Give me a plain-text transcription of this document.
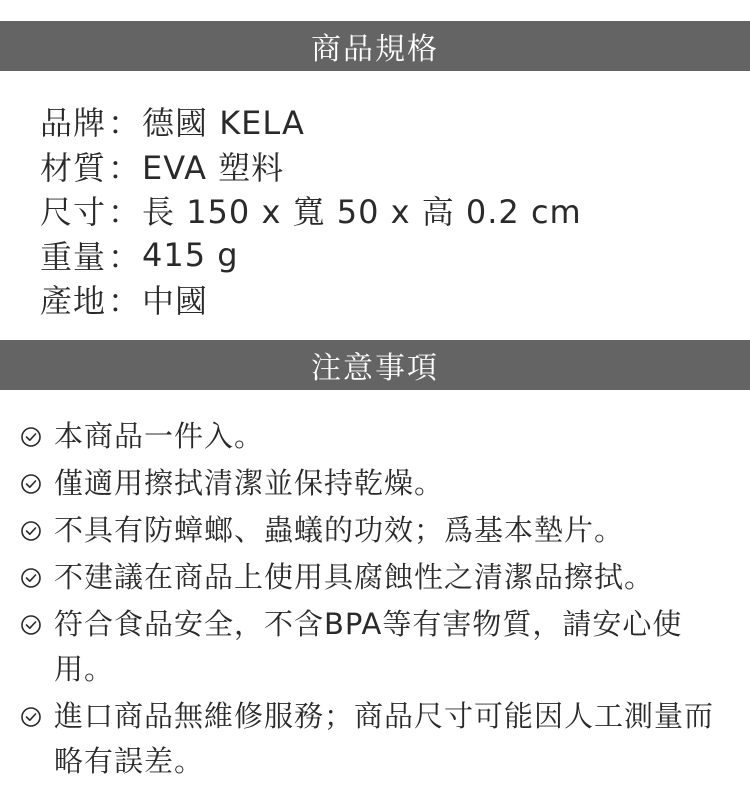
商品規格
品牌 ： 德國 KELA
材質 ： EVA 塑料
尺寸 ： 長 150 x 寬 50 x 高 0.2 cm
重量 ： 415 g
產地 ： 中國
注意事項
本商品一件入。
僅適用擦拭清潔並保持乾燥。
不具有防蟑螂、蟲蟻的功效；爲基本墊片。
不建議在商品上使用具腐蝕性之清潔品擦拭。
符合食品安全，不含BPA等有害物質，請安心使用。
進口商品無維修服務；商品尺寸可能因人工測量而略有誤差。
